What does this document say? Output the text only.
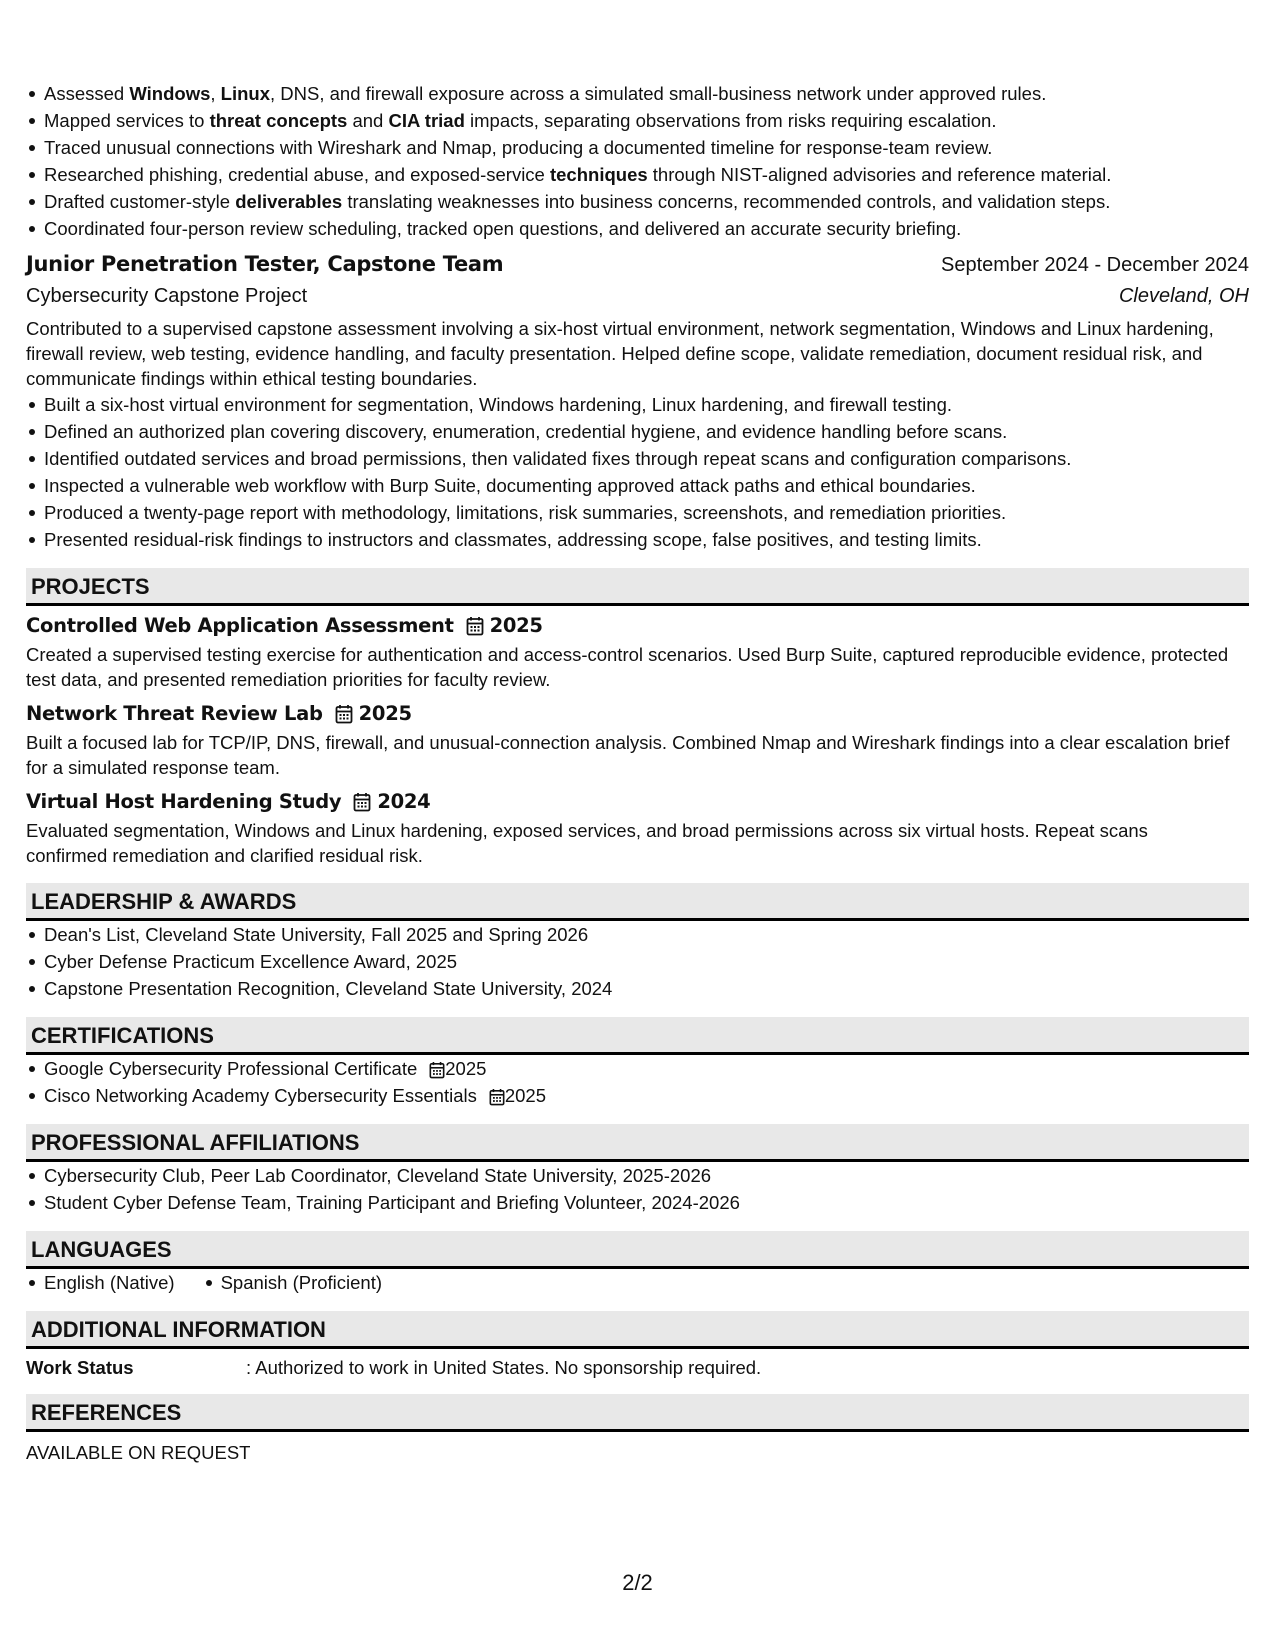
Assessed Windows, Linux, DNS, and firewall exposure across a simulated small-business network under approved rules.
Mapped services to threat concepts and CIA triad impacts, separating observations from risks requiring escalation.
Traced unusual connections with Wireshark and Nmap, producing a documented timeline for response-team review.
Researched phishing, credential abuse, and exposed-service techniques through NIST-aligned advisories and reference material.
Drafted customer-style deliverables translating weaknesses into business concerns, recommended controls, and validation steps.
Coordinated four-person review scheduling, tracked open questions, and delivered an accurate security briefing.
Junior Penetration Tester, Capstone Team	September 2024 - December 2024
Cybersecurity Capstone Project	Cleveland, OH
Contributed to a supervised capstone assessment involving a six-host virtual environment, network segmentation, Windows and Linux hardening,
firewall review, web testing, evidence handling, and faculty presentation. Helped define scope, validate remediation, document residual risk, and
communicate findings within ethical testing boundaries.
Built a six-host virtual environment for segmentation, Windows hardening, Linux hardening, and firewall testing.
Defined an authorized plan covering discovery, enumeration, credential hygiene, and evidence handling before scans.
Identified outdated services and broad permissions, then validated fixes through repeat scans and configuration comparisons.
Inspected a vulnerable web workflow with Burp Suite, documenting approved attack paths and ethical boundaries.
Produced a twenty-page report with methodology, limitations, risk summaries, screenshots, and remediation priorities.
Presented residual-risk findings to instructors and classmates, addressing scope, false positives, and testing limits.
PROJECTS
Controlled Web Application Assessment 2025
Created a supervised testing exercise for authentication and access-control scenarios. Used Burp Suite, captured reproducible evidence, protected
test data, and presented remediation priorities for faculty review.
Network Threat Review Lab 2025
Built a focused lab for TCP/IP, DNS, firewall, and unusual-connection analysis. Combined Nmap and Wireshark findings into a clear escalation brief
for a simulated response team.
Virtual Host Hardening Study 2024
Evaluated segmentation, Windows and Linux hardening, exposed services, and broad permissions across six virtual hosts. Repeat scans
confirmed remediation and clarified residual risk.
LEADERSHIP & AWARDS
Dean's List, Cleveland State University, Fall 2025 and Spring 2026
Cyber Defense Practicum Excellence Award, 2025
Capstone Presentation Recognition, Cleveland State University, 2024
CERTIFICATIONS
Google Cybersecurity Professional Certificate 2025
Cisco Networking Academy Cybersecurity Essentials 2025
PROFESSIONAL AFFILIATIONS
Cybersecurity Club, Peer Lab Coordinator, Cleveland State University, 2025-2026
Student Cyber Defense Team, Training Participant and Briefing Volunteer, 2024-2026
LANGUAGES
English (Native) Spanish (Proficient)
ADDITIONAL INFORMATION
Work Status	: Authorized to work in United States. No sponsorship required.
REFERENCES
AVAILABLE ON REQUEST
2/2
